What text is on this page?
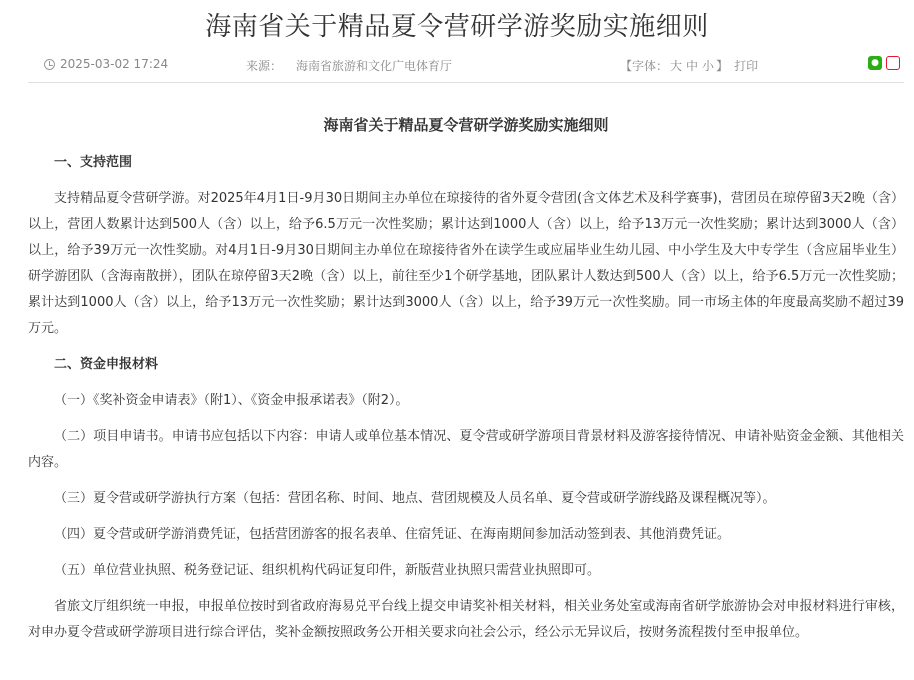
海南省关于精品夏令营研学游奖励实施细则
2025-03-02 17:24	来源： 海南省旅游和文化广电体育厅	【字体： 大 中 小 】 打印	●	◉
海南省关于精品夏令营研学游奖励实施细则
一、支持范围
支持精品夏令营研学游。对2025年4月1日-9月30日期间主办单位在琼接待的省外夏令营团(含文体艺术及科学赛事)，营团员在琼停留3天2晚（含）以上，营团人数累计达到500人（含）以上，给予6.5万元一次性奖励；累计达到1000人（含）以上，给予13万元一次性奖励；累计达到3000人（含）以上，给予39万元一次性奖励。对4月1日-9月30日期间主办单位在琼接待省外在读学生或应届毕业生幼儿园、中小学生及大中专学生（含应届毕业生）研学游团队（含海南散拼），团队在琼停留3天2晚（含）以上，前往至少1个研学基地，团队累计人数达到500人（含）以上，给予6.5万元一次性奖励；累计达到1000人（含）以上，给予13万元一次性奖励；累计达到3000人（含）以上，给予39万元一次性奖励。同一市场主体的年度最高奖励不超过39万元。
二、资金申报材料
（一）《奖补资金申请表》（附1）、《资金申报承诺表》（附2）。
（二）项目申请书。申请书应包括以下内容：申请人或单位基本情况、夏令营或研学游项目背景材料及游客接待情况、申请补贴资金金额、其他相关内容。
（三）夏令营或研学游执行方案（包括：营团名称、时间、地点、营团规模及人员名单、夏令营或研学游线路及课程概况等）。
（四）夏令营或研学游消费凭证，包括营团游客的报名表单、住宿凭证、在海南期间参加活动签到表、其他消费凭证。
（五）单位营业执照、税务登记证、组织机构代码证复印件，新版营业执照只需营业执照即可。
省旅文厅组织统一申报，申报单位按时到省政府海易兑平台线上提交申请奖补相关材料，相关业务处室或海南省研学旅游协会对申报材料进行审核，对申办夏令营或研学游项目进行综合评估，奖补金额按照政务公开相关要求向社会公示，经公示无异议后，按财务流程拨付至申报单位。
